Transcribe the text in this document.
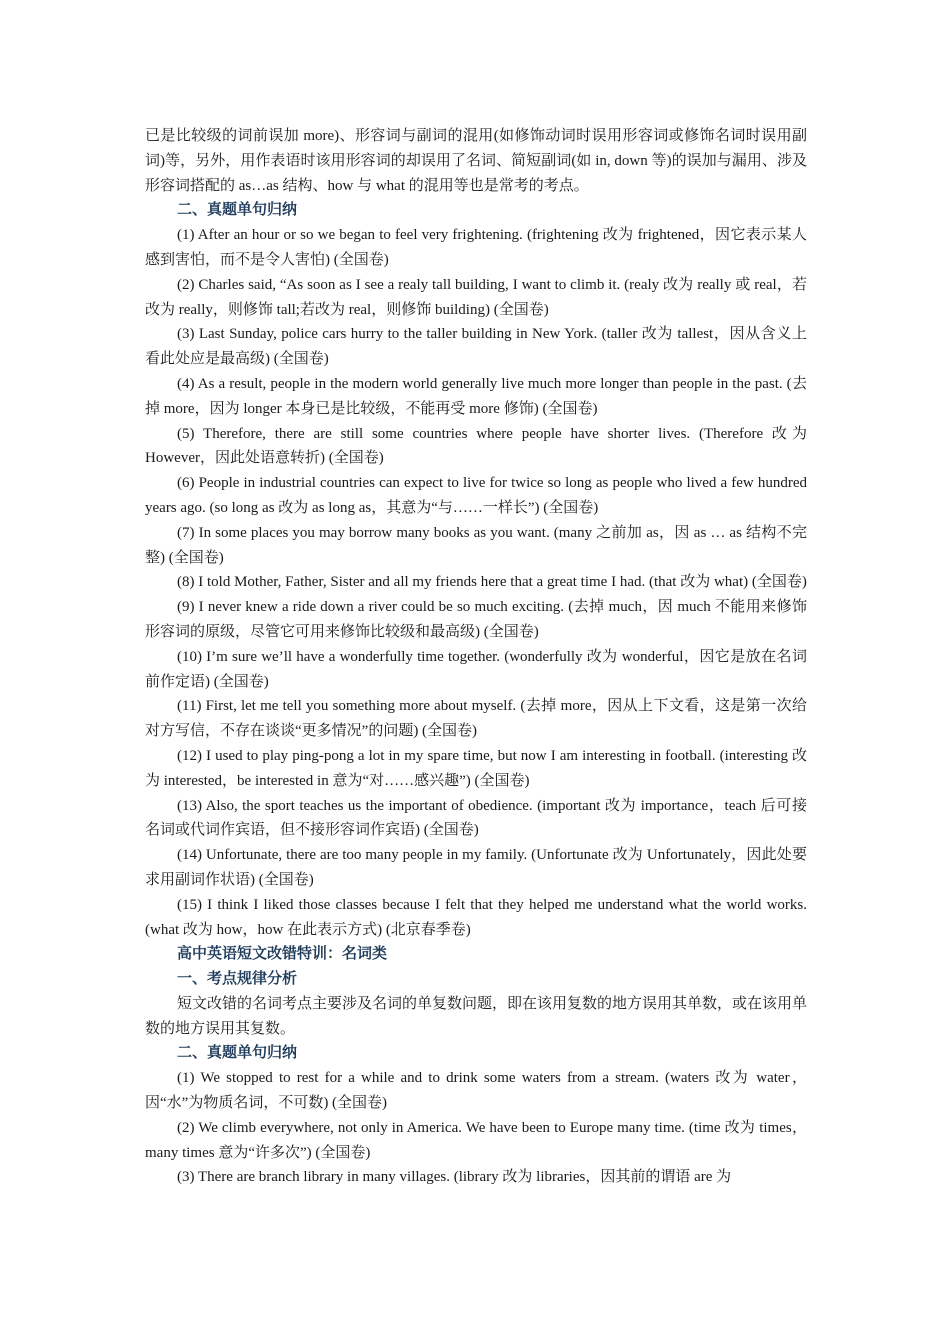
已是比较级的词前误加 more)、形容词与副词的混用(如修饰动词时误用形容词或修饰名词时误用副词)等，另外，用作表语时该用形容词的却误用了名词、简短副词(如 in, down 等)的误加与漏用、涉及形容词搭配的 as…as 结构、how 与 what 的混用等也是常考的考点。

二、真题单句归纳

(1) After an hour or so we began to feel very frightening. (frightening 改为 frightened，因它表示某人感到害怕，而不是令人害怕) (全国卷)

(2) Charles said, “As soon as I see a realy tall building, I want to climb it. (realy 改为 really 或 real，若改为 really，则修饰 tall;若改为 real，则修饰 building) (全国卷)

(3) Last Sunday, police cars hurry to the taller building in New York. (taller 改为 tallest，因从含义上看此处应是最高级) (全国卷)

(4) As a result, people in the modern world generally live much more longer than people in the past. (去掉 more，因为 longer 本身已是比较级，不能再受 more 修饰) (全国卷)

(5) Therefore, there are still some countries where people have shorter lives. (Therefore 改为 However，因此处语意转折) (全国卷)

(6) People in industrial countries can expect to live for twice so long as people who lived a few hundred years ago. (so long as 改为 as long as，其意为“与……一样长”) (全国卷)

(7) In some places you may borrow many books as you want. (many 之前加 as，因 as … as 结构不完整) (全国卷)

(8) I told Mother, Father, Sister and all my friends here that a great time I had. (that 改为 what) (全国卷)

(9) I never knew a ride down a river could be so much exciting. (去掉 much，因 much 不能用来修饰形容词的原级，尽管它可用来修饰比较级和最高级) (全国卷)

(10) I’m sure we’ll have a wonderfully time together. (wonderfully 改为 wonderful，因它是放在名词前作定语) (全国卷)

(11) First, let me tell you something more about myself. (去掉 more，因从上下文看，这是第一次给对方写信，不存在谈谈“更多情况”的问题) (全国卷)

(12) I used to play ping-pong a lot in my spare time, but now I am interesting in football. (interesting 改为 interested，be interested in 意为“对……感兴趣”) (全国卷)

(13) Also, the sport teaches us the important of obedience. (important 改为 importance，teach 后可接名词或代词作宾语，但不接形容词作宾语) (全国卷)

(14) Unfortunate, there are too many people in my family. (Unfortunate 改为 Unfortunately，因此处要求用副词作状语) (全国卷)

(15) I think I liked those classes because I felt that they helped me understand what the world works. (what 改为 how，how 在此表示方式) (北京春季卷)

高中英语短文改错特训：名词类

一、考点规律分析

短文改错的名词考点主要涉及名词的单复数问题，即在该用复数的地方误用其单数，或在该用单数的地方误用其复数。

二、真题单句归纳

(1) We stopped to rest for a while and to drink some waters from a stream. (waters 改为 water，因“水”为物质名词，不可数) (全国卷)

(2) We climb everywhere, not only in America. We have been to Europe many time. (time 改为 times，many times 意为“许多次”) (全国卷)

(3) There are branch library in many villages. (library 改为 libraries，因其前的谓语 are 为
